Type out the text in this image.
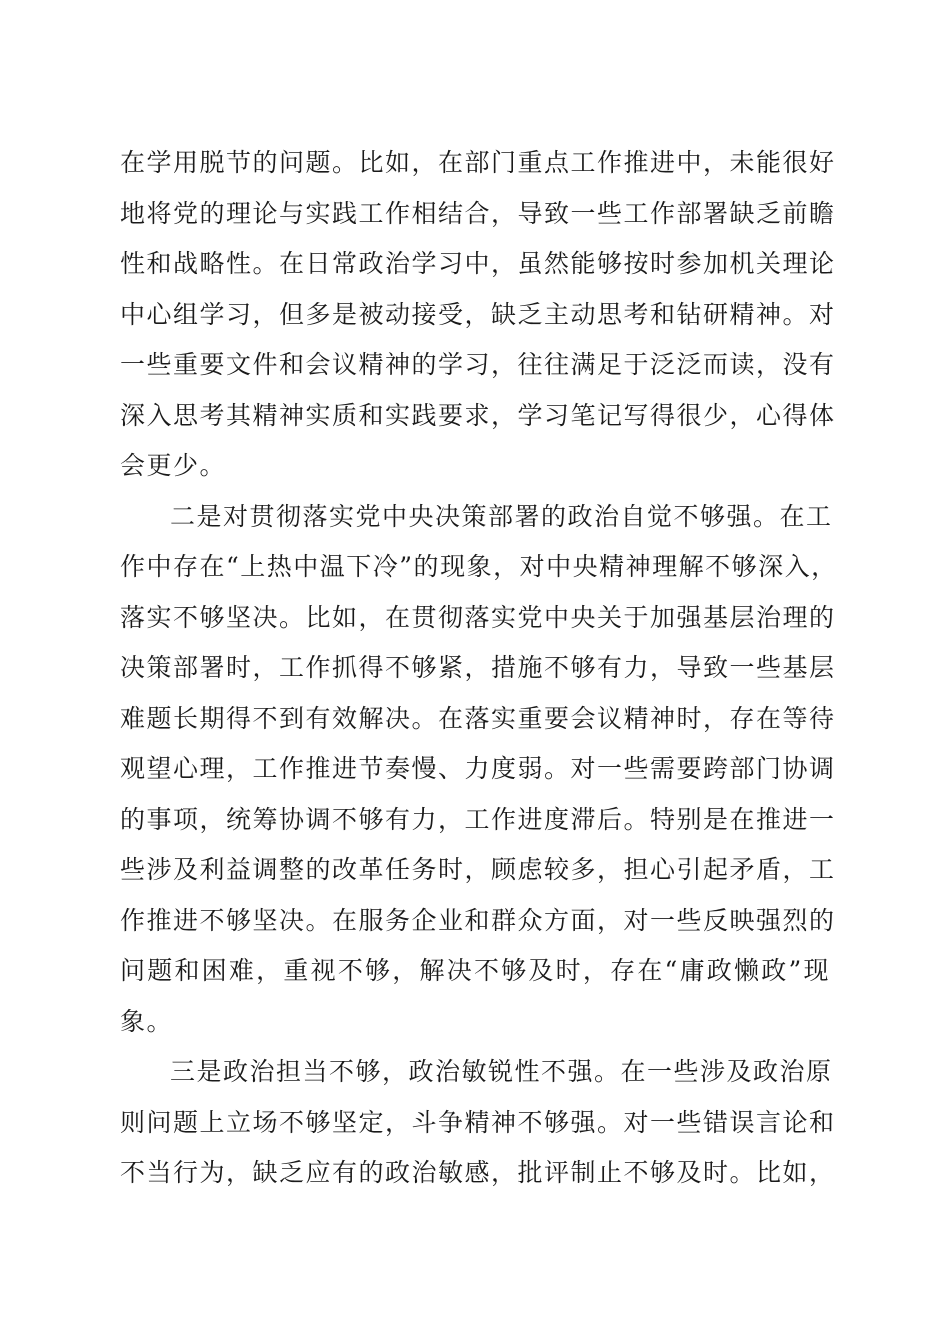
在学用脱节的问题。比如，在部门重点工作推进中，未能很好
地将党的理论与实践工作相结合，导致一些工作部署缺乏前瞻
性和战略性。在日常政治学习中，虽然能够按时参加机关理论
中心组学习，但多是被动接受，缺乏主动思考和钻研精神。对
一些重要文件和会议精神的学习，往往满足于泛泛而读，没有
深入思考其精神实质和实践要求，学习笔记写得很少，心得体
会更少。
二是对贯彻落实党中央决策部署的政治自觉不够强。在工
作中存在“上热中温下冷”的现象，对中央精神理解不够深入，
落实不够坚决。比如，在贯彻落实党中央关于加强基层治理的
决策部署时，工作抓得不够紧，措施不够有力，导致一些基层
难题长期得不到有效解决。在落实重要会议精神时，存在等待
观望心理，工作推进节奏慢、力度弱。对一些需要跨部门协调
的事项，统筹协调不够有力，工作进度滞后。特别是在推进一
些涉及利益调整的改革任务时，顾虑较多，担心引起矛盾，工
作推进不够坚决。在服务企业和群众方面，对一些反映强烈的
问题和困难，重视不够，解决不够及时，存在“庸政懒政”现
象。
三是政治担当不够，政治敏锐性不强。在一些涉及政治原
则问题上立场不够坚定，斗争精神不够强。对一些错误言论和
不当行为，缺乏应有的政治敏感，批评制止不够及时。比如，
